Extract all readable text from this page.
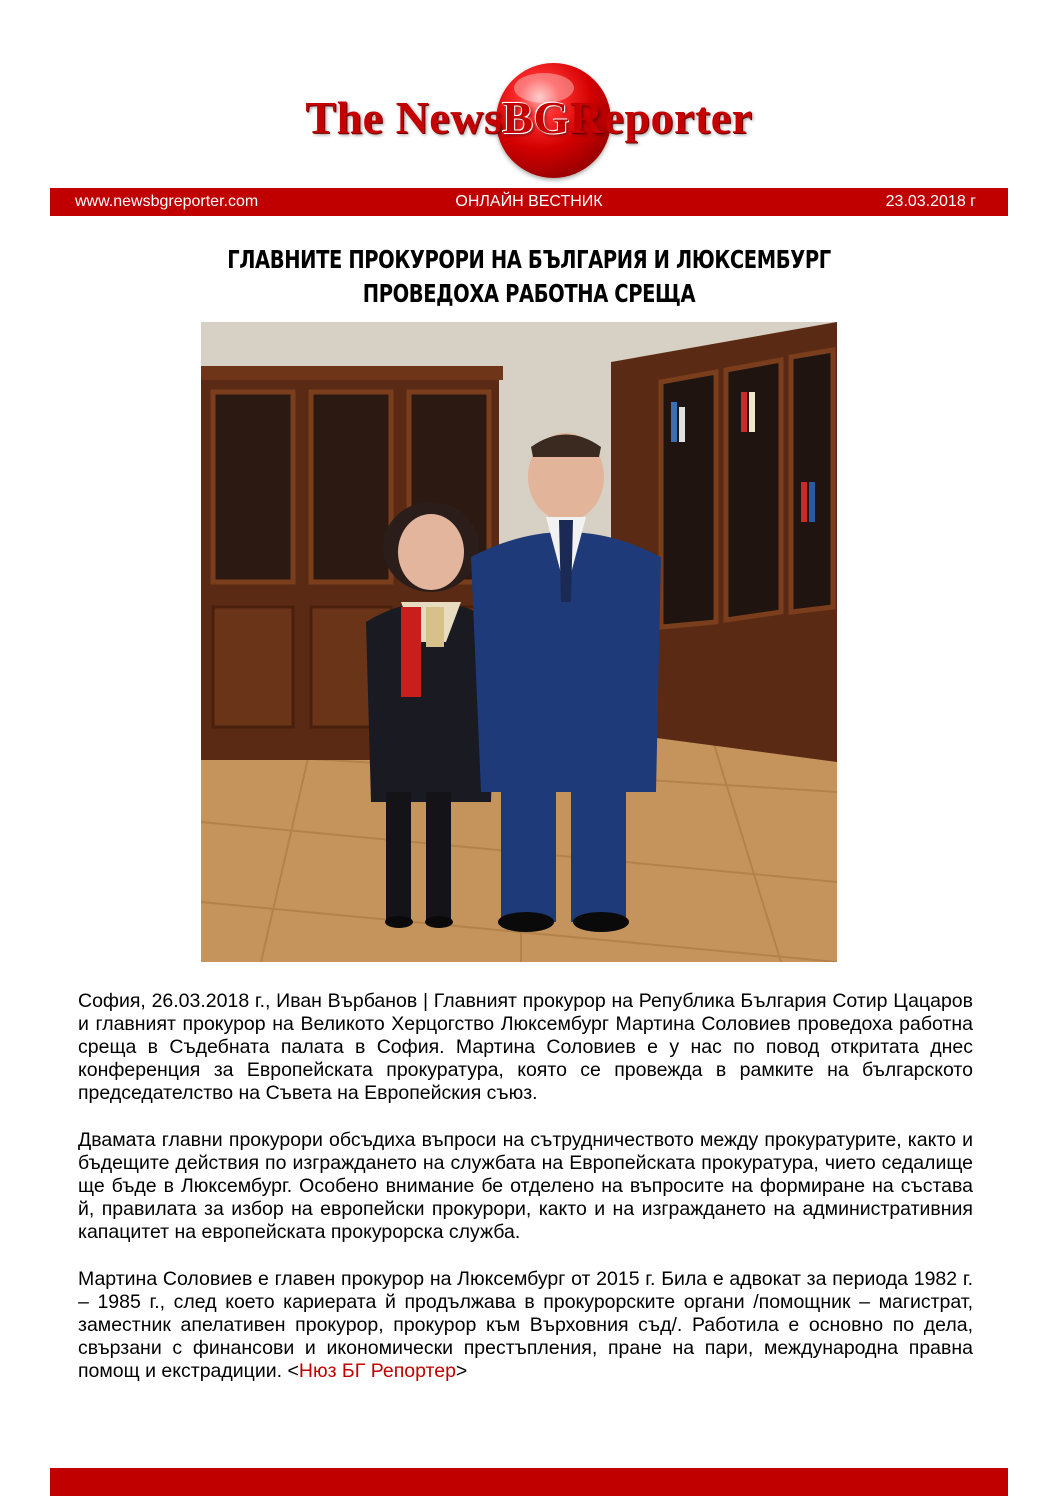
The NewsBGReporter
www.newsbgreporter.com	ОНЛАЙН ВЕСТНИК	23.03.2018 г
ГЛАВНИТЕ ПРОКУРОРИ НА БЪЛГАРИЯ И ЛЮКСЕМБУРГ
ПРОВЕДОХА РАБОТНА СРЕЩА

София, 26.03.2018 г., Иван Върбанов | Главният прокурор на Република България Сотир Цацаров и главният прокурор на Великото Херцогство Люксембург Мартина Соловиев проведоха работна среща в Съдебната палата в София. Мартина Соловиев е у нас по повод откритата днес конференция за Европейската прокуратура, която се провежда в рамките на българското председателство на Съвета на Европейския съюз.

Двамата главни прокурори обсъдиха въпроси на сътрудничеството между прокуратурите, както и бъдещите действия по изграждането на службата на Европейската прокуратура, чието седалище ще бъде в Люксембург. Особено внимание бе отделено на въпросите на формиране на състава й, правилата за избор на европейски прокурори, както и на изграждането на административния капацитет на европейската прокурорска служба.

Мартина Соловиев е главен прокурор на Люксембург от 2015 г. Била е адвокат за периода 1982 г. – 1985 г., след което кариерата й продължава в прокурорските органи /помощник – магистрат, заместник апелативен прокурор, прокурор към Върховния съд/. Работила е основно по дела, свързани с финансови и икономически престъпления, пране на пари, международна правна помощ и екстрадиции. <Нюз БГ Репортер>
